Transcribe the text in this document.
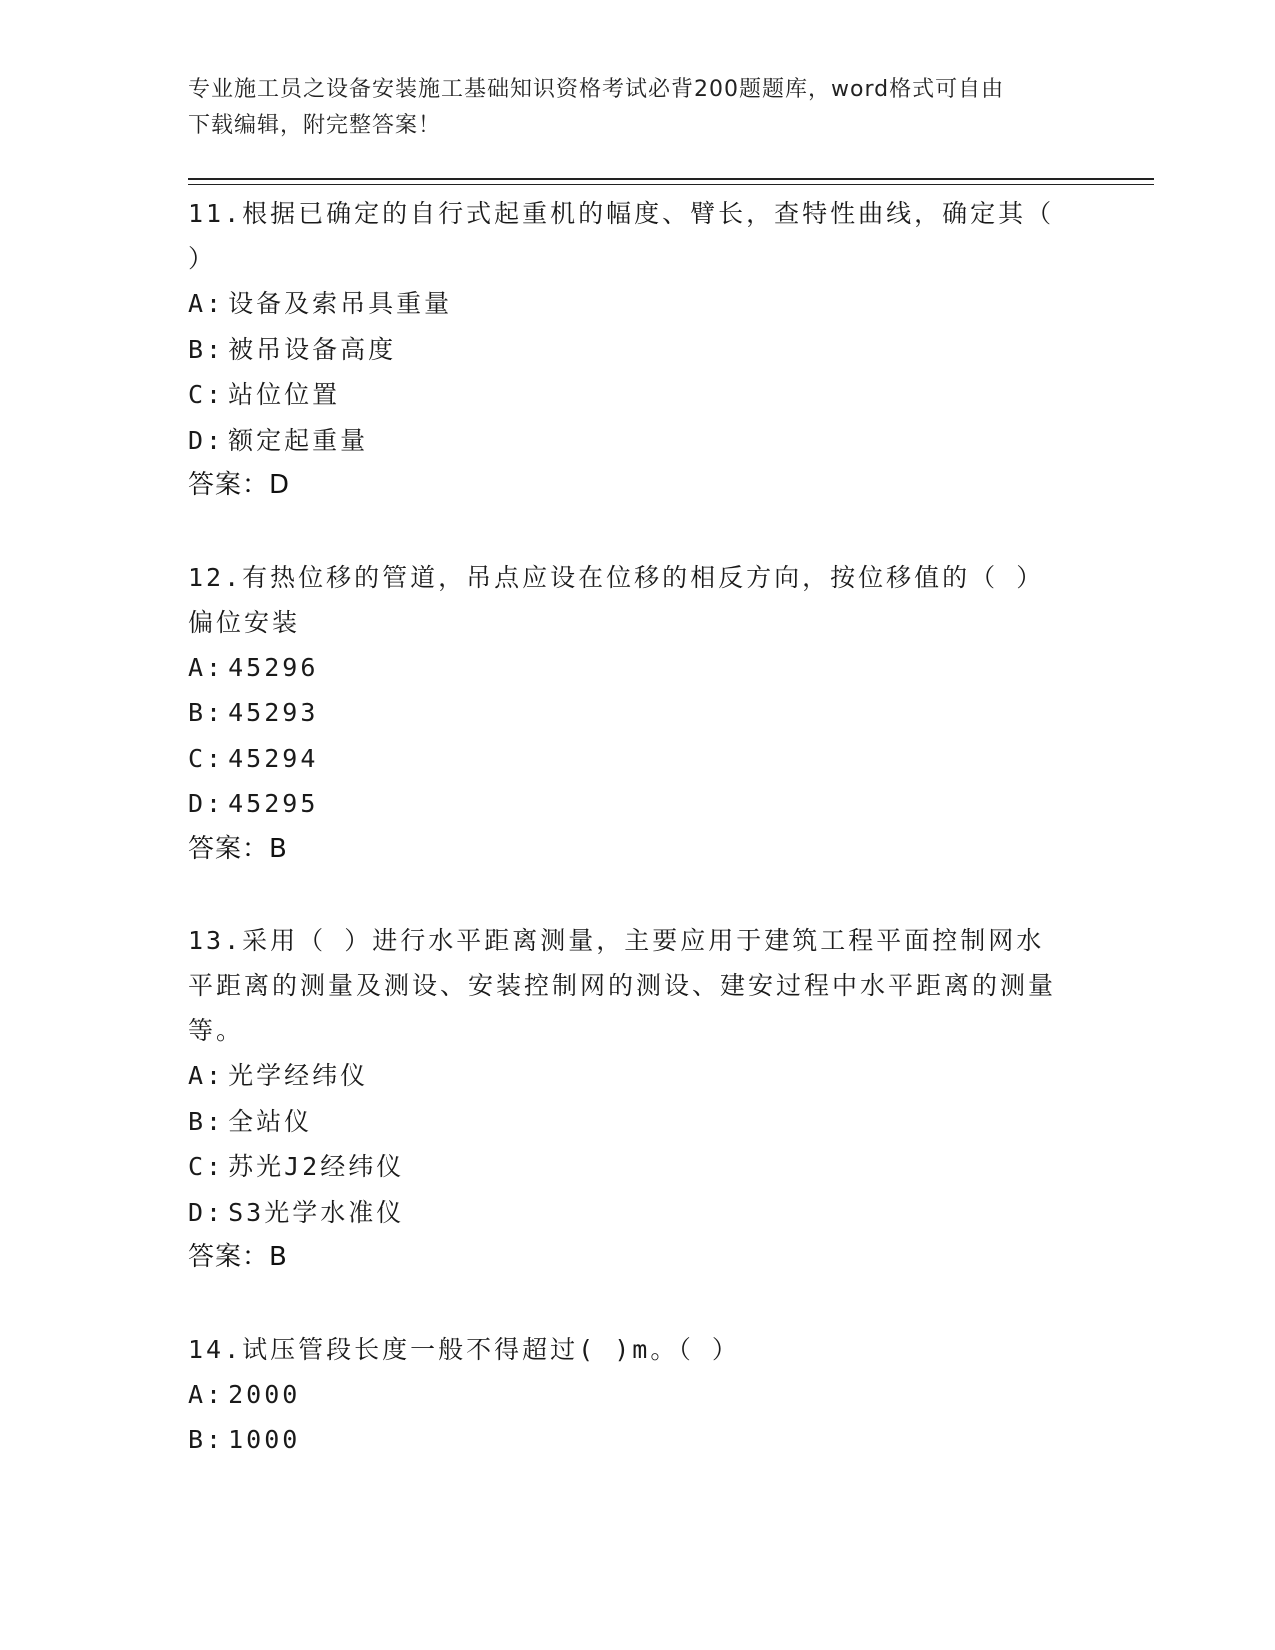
专业施工员之设备安装施工基础知识资格考试必背200题题库，word格式可自由
下载编辑，附完整答案！
11.根据已确定的自行式起重机的幅度、臂长，查特性曲线，确定其（ ）
A: 设备及索吊具重量
B: 被吊设备高度
C: 站位位置
D: 额定起重量
答案：D
12.有热位移的管道，吊点应设在位移的相反方向，按位移值的（ ）偏位安装
A: 45296
B: 45293
C: 45294
D: 45295
答案：B
13.采用（ ）进行水平距离测量，主要应用于建筑工程平面控制网水平距离的测量及测设、安装控制网的测设、建安过程中水平距离的测量等。
A: 光学经纬仪
B: 全站仪
C: 苏光J2经纬仪
D: S3光学水准仪
答案：B
14.试压管段长度一般不得超过( )m。（ ）
A: 2000
B: 1000
